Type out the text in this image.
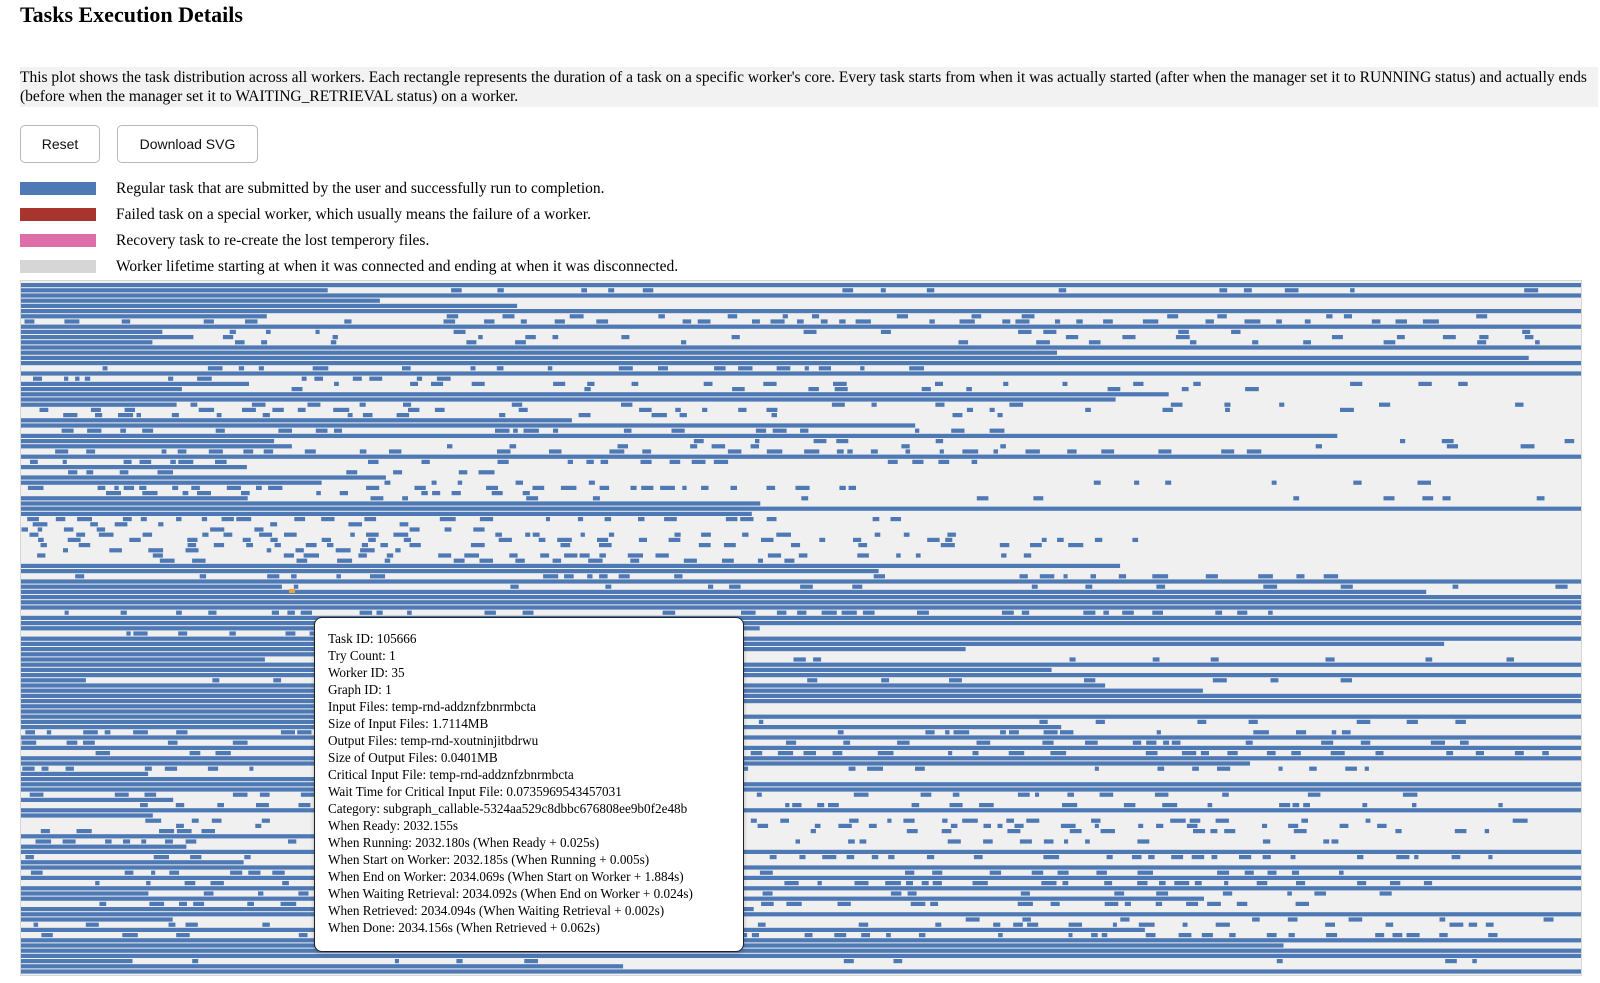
Tasks Execution Details
This plot shows the task distribution across all workers. Each rectangle represents the duration of a task on a specific worker's core. Every task starts from when it was actually started (after when the manager set it to RUNNING status) and actually ends (before when the manager set it to WAITING_RETRIEVAL status) on a worker.
Reset	Download SVG
Regular task that are submitted by the user and successfully run to completion.
Failed task on a special worker, which usually means the failure of a worker.
Recovery task to re-create the lost temperory files.
Worker lifetime starting at when it was connected and ending at when it was disconnected.
Task ID: 105666
Try Count: 1
Worker ID: 35
Graph ID: 1
Input Files: temp-rnd-addznfzbnrmbcta
Size of Input Files: 1.7114MB
Output Files: temp-rnd-xoutninjitbdrwu
Size of Output Files: 0.0401MB
Critical Input File: temp-rnd-addznfzbnrmbcta
Wait Time for Critical Input File: 0.0735969543457031
Category: subgraph_callable-5324aa529c8dbbc676808ee9b0f2e48b
When Ready: 2032.155s
When Running: 2032.180s (When Ready + 0.025s)
When Start on Worker: 2032.185s (When Running + 0.005s)
When End on Worker: 2034.069s (When Start on Worker + 1.884s)
When Waiting Retrieval: 2034.092s (When End on Worker + 0.024s)
When Retrieved: 2034.094s (When Waiting Retrieval + 0.002s)
When Done: 2034.156s (When Retrieved + 0.062s)
